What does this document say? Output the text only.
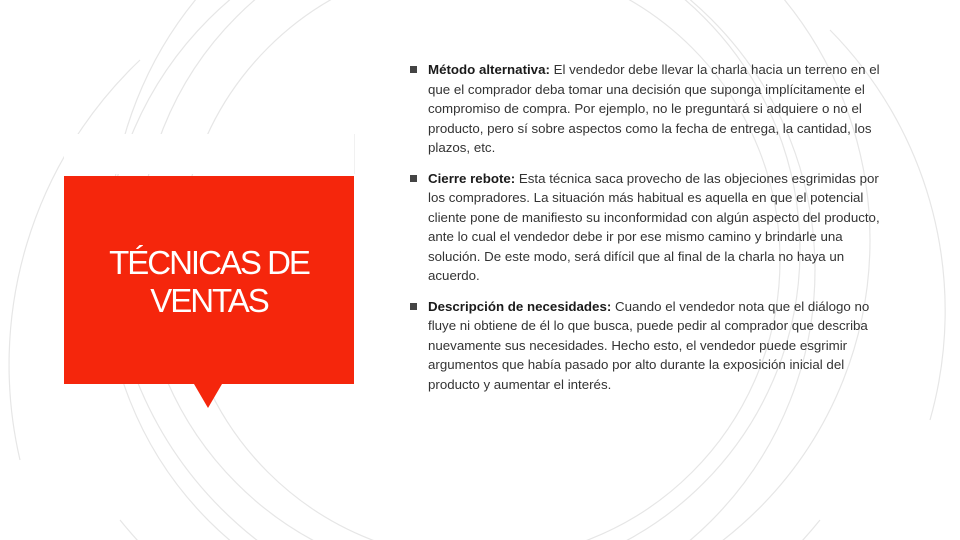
TÉCNICAS DE
VENTAS
Método alternativa: El vendedor debe llevar la charla hacia un terreno en el que el comprador deba tomar una decisión que suponga implícitamente el compromiso de compra. Por ejemplo, no le preguntará si adquiere o no el producto, pero sí sobre aspectos como la fecha de entrega, la cantidad, los plazos, etc.
Cierre rebote: Esta técnica saca provecho de las objeciones esgrimidas por los compradores. La situación más habitual es aquella en que el potencial cliente pone de manifiesto su inconformidad con algún aspecto del producto, ante lo cual el vendedor debe ir por ese mismo camino y brindarle una solución. De este modo, será difícil que al final de la charla no haya un acuerdo.
Descripción de necesidades: Cuando el vendedor nota que el diálogo no fluye ni obtiene de él lo que busca, puede pedir al comprador que describa nuevamente sus necesidades. Hecho esto, el vendedor puede esgrimir argumentos que había pasado por alto durante la exposición inicial del producto y aumentar el interés.
